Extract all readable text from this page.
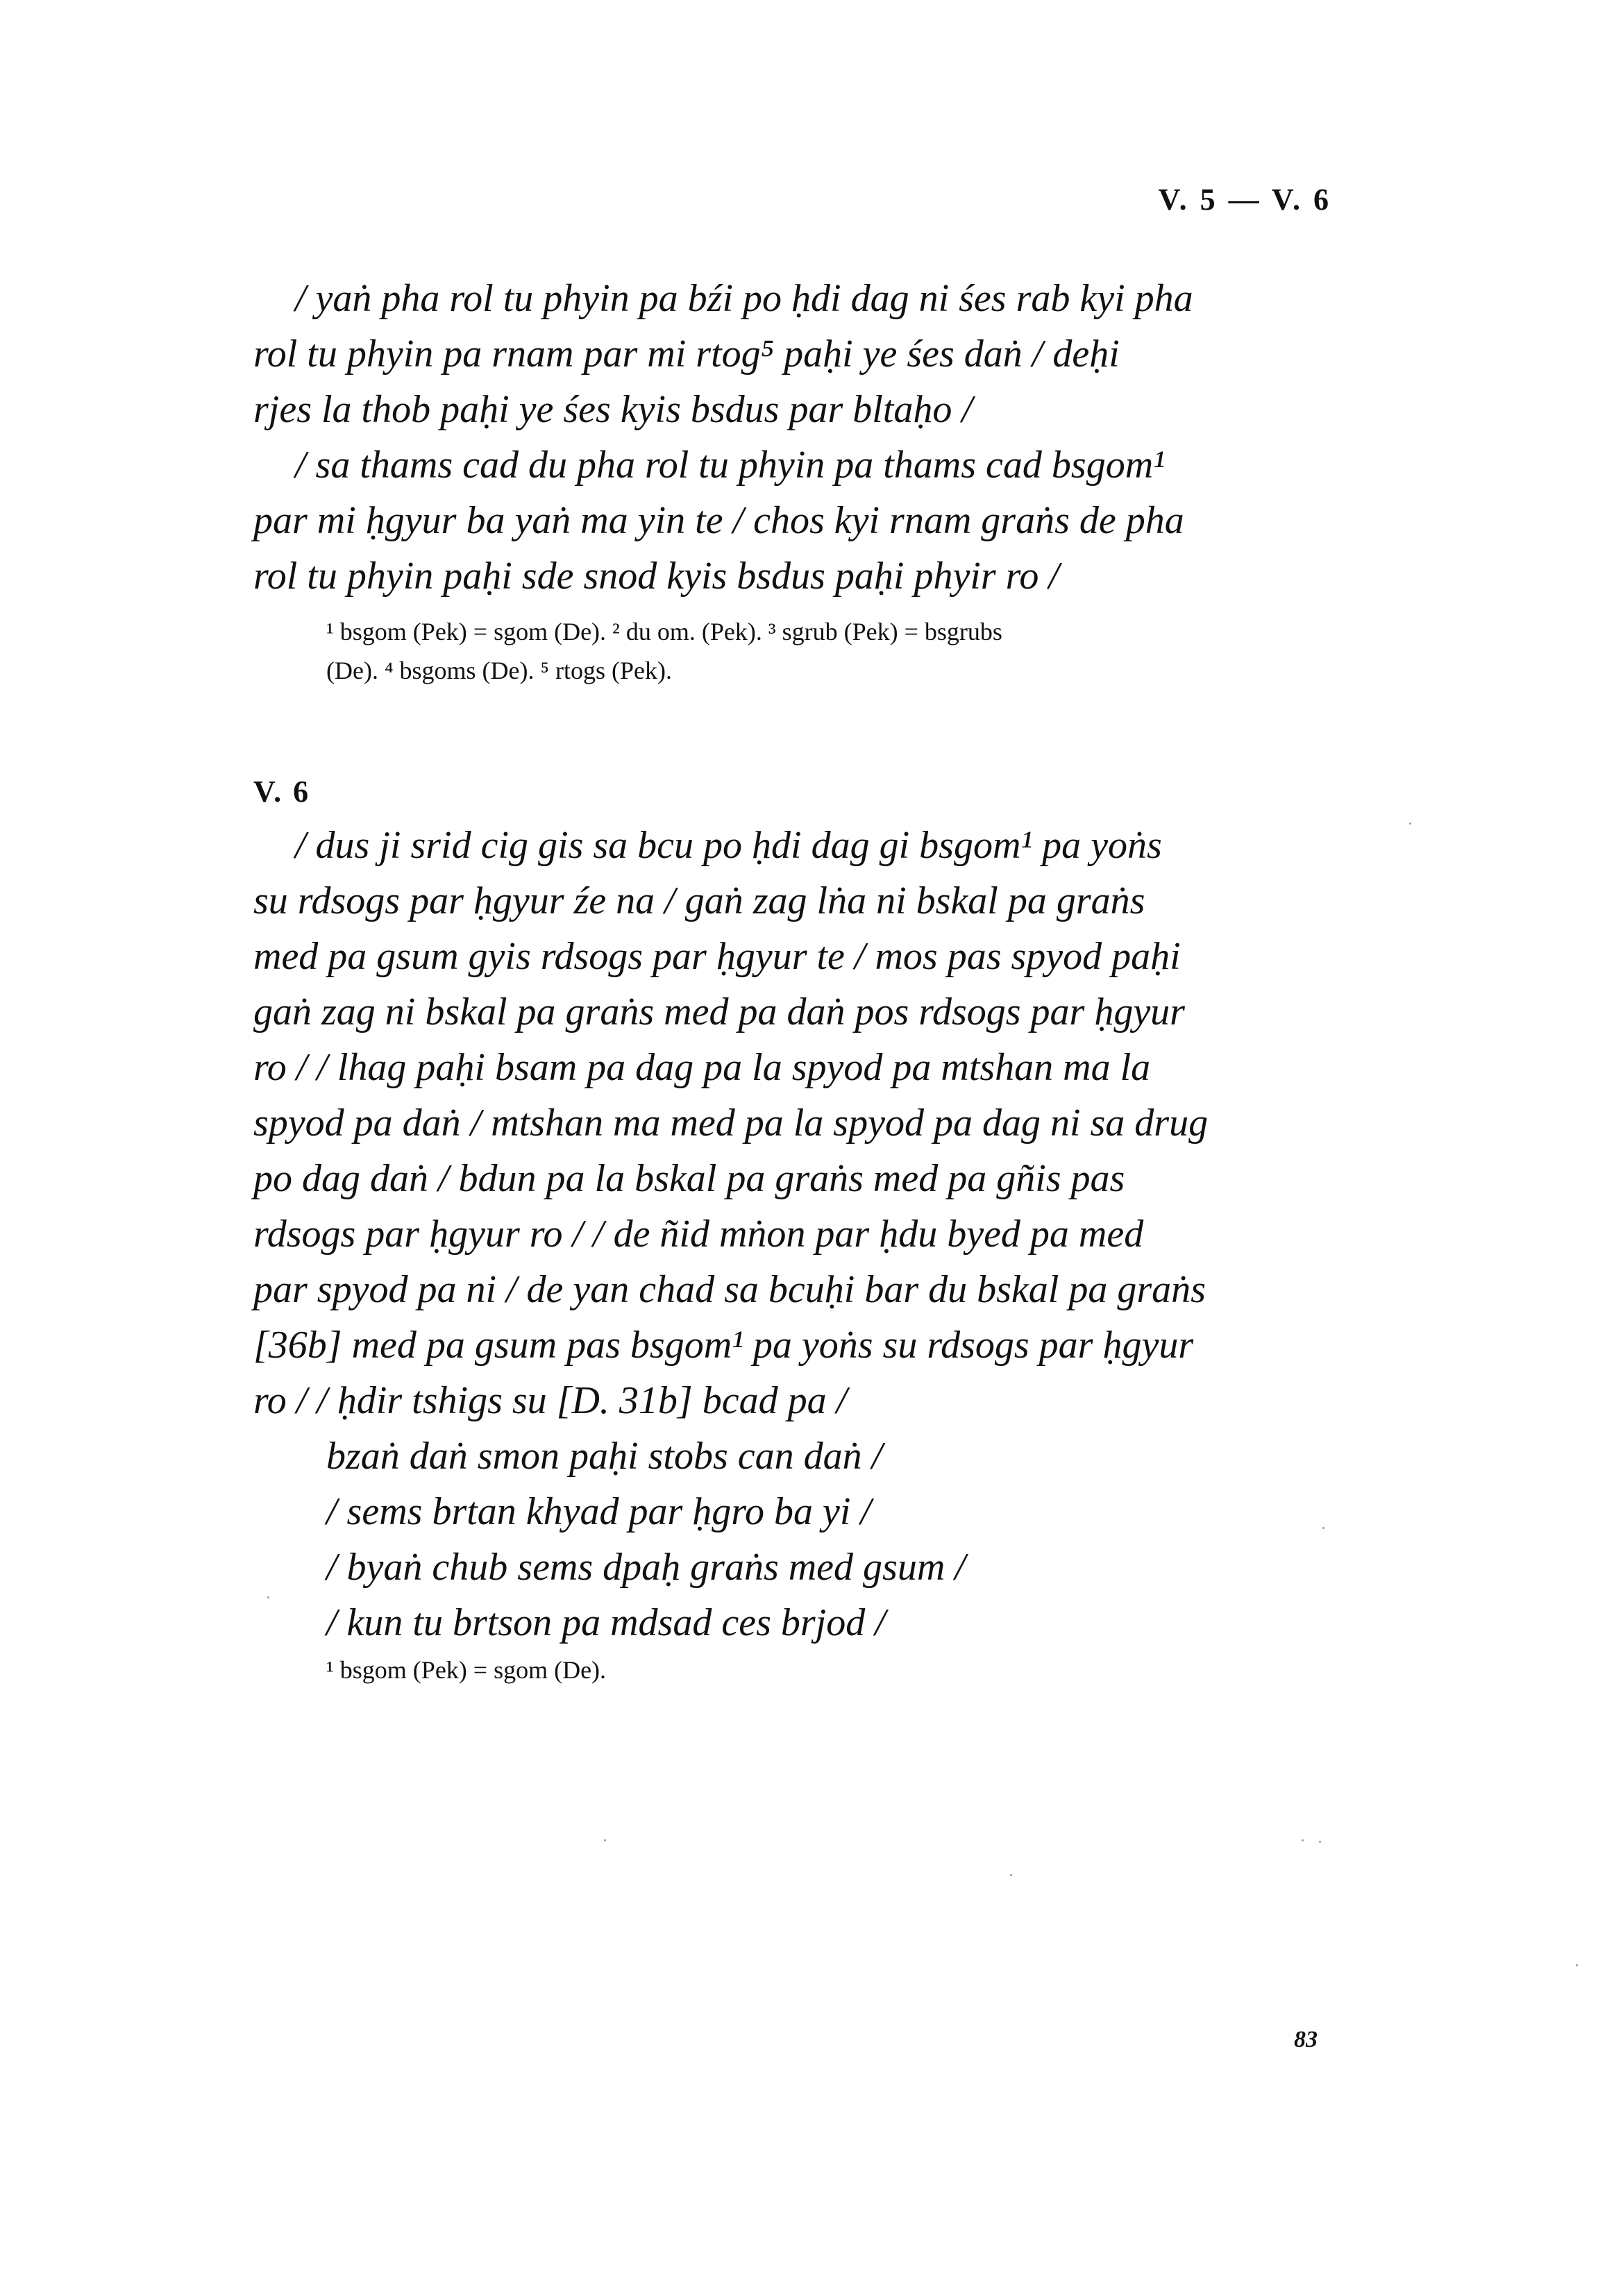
V. 5 — V. 6
/ yaṅ pha rol tu phyin pa bźi po ḥdi dag ni śes rab kyi pha
rol tu phyin pa rnam par mi rtog⁵ paḥi ye śes daṅ / deḥi
rjes la thob paḥi ye śes kyis bsdus par bltaḥo /
/ sa thams cad du pha rol tu phyin pa thams cad bsgom¹
par mi ḥgyur ba yaṅ ma yin te / chos kyi rnam graṅs de pha
rol tu phyin paḥi sde snod kyis bsdus paḥi phyir ro /
¹ bsgom (Pek) = sgom (De). ² du om. (Pek). ³ sgrub (Pek) = bsgrubs
(De). ⁴ bsgoms (De). ⁵ rtogs (Pek).
V. 6
/ dus ji srid cig gis sa bcu po ḥdi dag gi bsgom¹ pa yoṅs
su rdsogs par ḥgyur źe na / gaṅ zag lṅa ni bskal pa graṅs
med pa gsum gyis rdsogs par ḥgyur te / mos pas spyod paḥi
gaṅ zag ni bskal pa graṅs med pa daṅ pos rdsogs par ḥgyur
ro / / lhag paḥi bsam pa dag pa la spyod pa mtshan ma la
spyod pa daṅ / mtshan ma med pa la spyod pa dag ni sa drug
po dag daṅ / bdun pa la bskal pa graṅs med pa gñis pas
rdsogs par ḥgyur ro / / de ñid mṅon par ḥdu byed pa med
par spyod pa ni / de yan chad sa bcuḥi bar du bskal pa graṅs
[36b] med pa gsum pas bsgom¹ pa yoṅs su rdsogs par ḥgyur
ro / / ḥdir tshigs su [D. 31b] bcad pa /
bzaṅ daṅ smon paḥi stobs can daṅ /
/ sems brtan khyad par ḥgro ba yi /
/ byaṅ chub sems dpaḥ graṅs med gsum /
/ kun tu brtson pa mdsad ces brjod /
¹ bsgom (Pek) = sgom (De).
83
